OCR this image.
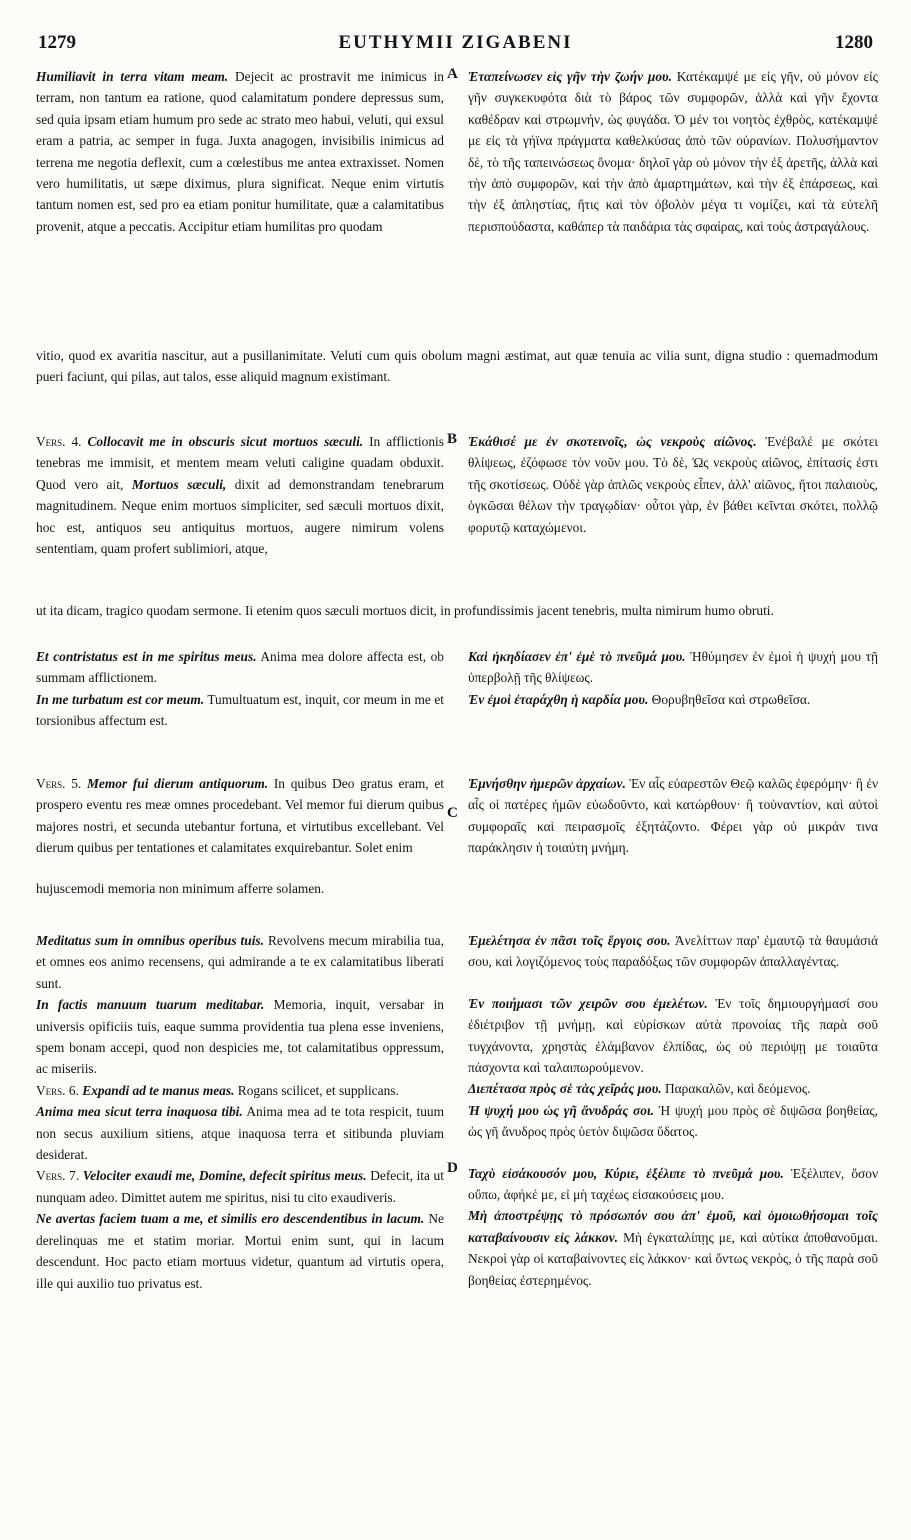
1279	EUTHYMII ZIGABENI	1280
A
B
C
D

Humiliavit in terra vitam meam. Dejecit ac prostravit me inimicus in terram, non tantum ea ratione, quod calamitatum pondere depressus sum, sed quia ipsam etiam humum pro sede ac strato meo habui, veluti, qui exsul eram a patria, ac semper in fuga. Juxta anagogen, invisibilis inimicus ad terrena me negotia deflexit, cum a cœlestibus me antea extraxisset. Nomen vero humilitatis, ut sæpe diximus, plura significat. Neque enim virtutis tantum nomen est, sed pro ea etiam ponitur humilitate, quæ a calamitatibus provenit, atque a peccatis. Accipitur etiam humilitas pro quodam

Ἐταπείνωσεν εἰς γῆν τὴν ζωήν μου. Κατέκαμψέ με εἰς γῆν, οὐ μόνον εἰς γῆν συγκεκυφότα διὰ τὸ βάρος τῶν συμφορῶν, ἀλλὰ καὶ γῆν ἔχοντα καθέδραν καὶ στρωμνήν, ὡς φυγάδα. Ὁ μέν τοι νοητὸς ἐχθρὸς, κατέκαμψέ με εἰς τὰ γήϊνα πράγματα καθελκύσας ἀπὸ τῶν οὐρανίων. Πολυσήμαντον δὲ, τὸ τῆς ταπεινώσεως ὄνομα· δηλοῖ γὰρ οὐ μόνον τὴν ἐξ ἀρετῆς, ἀλλὰ καὶ τὴν ἀπὸ συμφορῶν, καὶ τὴν ἀπὸ ἁμαρτημάτων, καὶ τὴν ἐξ ἐπάρσεως, καὶ τὴν ἐξ ἀπληστίας, ἥτις καὶ τὸν ὀβολὸν μέγα τι νομίζει, καὶ τὰ εὐτελῆ περισπούδαστα, καθάπερ τὰ παιδάρια τὰς σφαίρας, καὶ τοὺς ἀστραγάλους.

vitio, quod ex avaritia nascitur, aut a pusillanimitate. Veluti cum quis obolum magni æstimat, aut quæ tenuia ac vilia sunt, digna studio : quemadmodum pueri faciunt, qui pilas, aut talos, esse aliquid magnum existimant.

Vers. 4. Collocavit me in obscuris sicut mortuos sæculi. In afflictionis tenebras me immisit, et mentem meam veluti caligine quadam obduxit. Quod vero ait, Mortuos sæculi, dixit ad demonstrandam tenebrarum magnitudinem. Neque enim mortuos simpliciter, sed sæculi mortuos dixit, hoc est, antiquos seu antiquitus mortuos, augere nimirum volens sententiam, quam profert sublimiori, atque,

Ἐκάθισέ με ἐν σκοτεινοῖς, ὡς νεκροὺς αἰῶνος. Ἐνέβαλέ με σκότει θλίψεως, ἐζόφωσε τὸν νοῦν μου. Τὸ δὲ, Ὡς νεκροὺς αἰῶνος, ἐπίτασίς ἐστι τῆς σκοτίσεως. Οὐδὲ γὰρ ἁπλῶς νεκροὺς εἶπεν, ἀλλ' αἰῶνος, ἤτοι παλαιοὺς, ὀγκῶσαι θέλων τὴν τραγῳδίαν· οὗτοι γὰρ, ἐν βάθει κεῖνται σκότει, πολλῷ φορυτῷ καταχώμενοι.

ut ita dicam, tragico quodam sermone. Ii etenim quos sæculi mortuos dicit, in profundissimis jacent tenebris, multa nimirum humo obruti.

Et contristatus est in me spiritus meus. Anima mea dolore affecta est, ob summam afflictionem.

In me turbatum est cor meum. Tumultuatum est, inquit, cor meum in me et torsionibus affectum est.

Καὶ ἠκηδίασεν ἐπ' ἐμὲ τὸ πνεῦμά μου. Ἠθύμησεν ἐν ἐμοὶ ἡ ψυχή μου τῇ ὑπερβολῇ τῆς θλίψεως.

Ἐν ἐμοὶ ἐταράχθη ἡ καρδία μου. Θορυβηθεῖσα καὶ στρωθεῖσα.

Vers. 5. Memor fui dierum antiquorum. In quibus Deo gratus eram, et prospero eventu res meæ omnes procedebant. Vel memor fui dierum quibus majores nostri, et secunda utebantur fortuna, et virtutibus excellebant. Vel dierum quibus per tentationes et calamitates exquirebantur. Solet enim

Ἐμνήσθην ἡμερῶν ἀρχαίων. Ἐν αἷς εὐαρεστῶν Θεῷ καλῶς ἐφερόμην· ἢ ἐν αἷς οἱ πατέρες ἡμῶν εὐωδοῦντο, καὶ κατώρθουν· ἢ τοὐναντίον, καὶ αὐτοὶ συμφοραῖς καὶ πειρασμοῖς ἐξητάζοντο. Φέρει γὰρ οὐ μικράν τινα παράκλησιν ἡ τοιαύτη μνήμη.

hujuscemodi memoria non minimum afferre solamen.

Meditatus sum in omnibus operibus tuis. Revolvens mecum mirabilia tua, et omnes eos animo recensens, qui admirande a te ex calamitatibus liberati sunt.

In factis manuum tuarum meditabar. Memoria, inquit, versabar in universis opificiis tuis, eaque summa providentia tua plena esse inveniens, spem bonam accepi, quod non despicies me, tot calamitatibus oppressum, ac miseriis.

Vers. 6. Expandi ad te manus meas. Rogans scilicet, et supplicans.

Anima mea sicut terra inaquosa tibi. Anima mea ad te tota respicit, tuum non secus auxilium sitiens, atque inaquosa terra et sitibunda pluviam desiderat.

Vers. 7. Velociter exaudi me, Domine, defecit spiritus meus. Defecit, ita ut nunquam adeo. Dimittet autem me spiritus, nisi tu cito exaudiveris.

Ne avertas faciem tuam a me, et similis ero descendentibus in lacum. Ne derelinquas me et statim moriar. Mortui enim sunt, qui in lacum descendunt. Hoc pacto etiam mortuus videtur, quantum ad virtutis opera, ille qui auxilio tuo privatus est.

Ἐμελέτησα ἐν πᾶσι τοῖς ἔργοις σου. Ἀνελίττων παρ' ἐμαυτῷ τὰ θαυμάσιά σου, καὶ λογιζόμενος τοὺς παραδόξως τῶν συμφορῶν ἀπαλλαγέντας.

Ἐν ποιήμασι τῶν χειρῶν σου ἐμελέτων. Ἐν τοῖς δημιουργήμασί σου ἐδιέτριβον τῇ μνήμῃ, καὶ εὑρίσκων αὐτὰ προνοίας τῆς παρὰ σοῦ τυγχάνοντα, χρηστὰς ἐλάμβανον ἐλπίδας, ὡς οὐ περιόψῃ με τοιαῦτα πάσχοντα καὶ ταλαιπωρούμενον.

Διεπέτασα πρὸς σὲ τὰς χεῖράς μου. Παρακαλῶν, καὶ δεόμενος.

Ἡ ψυχή μου ὡς γῆ ἄνυδράς σοι. Ἡ ψυχή μου πρὸς σὲ διψῶσα βοηθείας, ὡς γῆ ἄνυδρος πρὸς ὑετὸν διψῶσα ὕδατος.

Ταχὺ εἰσάκουσόν μου, Κύριε, ἐξέλιπε τὸ πνεῦμά μου. Ἐξέλιπεν, ὅσον οὔπω, ἀφήκέ με, εἰ μὴ ταχέως εἰσακούσεις μου.

Μὴ ἀποστρέψῃς τὸ πρόσωπόν σου ἀπ' ἐμοῦ, καὶ ὁμοιωθήσομαι τοῖς καταβαίνουσιν εἰς λάκκον. Μὴ ἐγκαταλίπῃς με, καὶ αὐτίκα ἀποθανοῦμαι. Νεκροὶ γὰρ οἱ καταβαίνοντες εἰς λάκκον· καὶ ὄντως νεκρὸς, ὁ τῆς παρὰ σοῦ βοηθείας ἐστερημένος.
